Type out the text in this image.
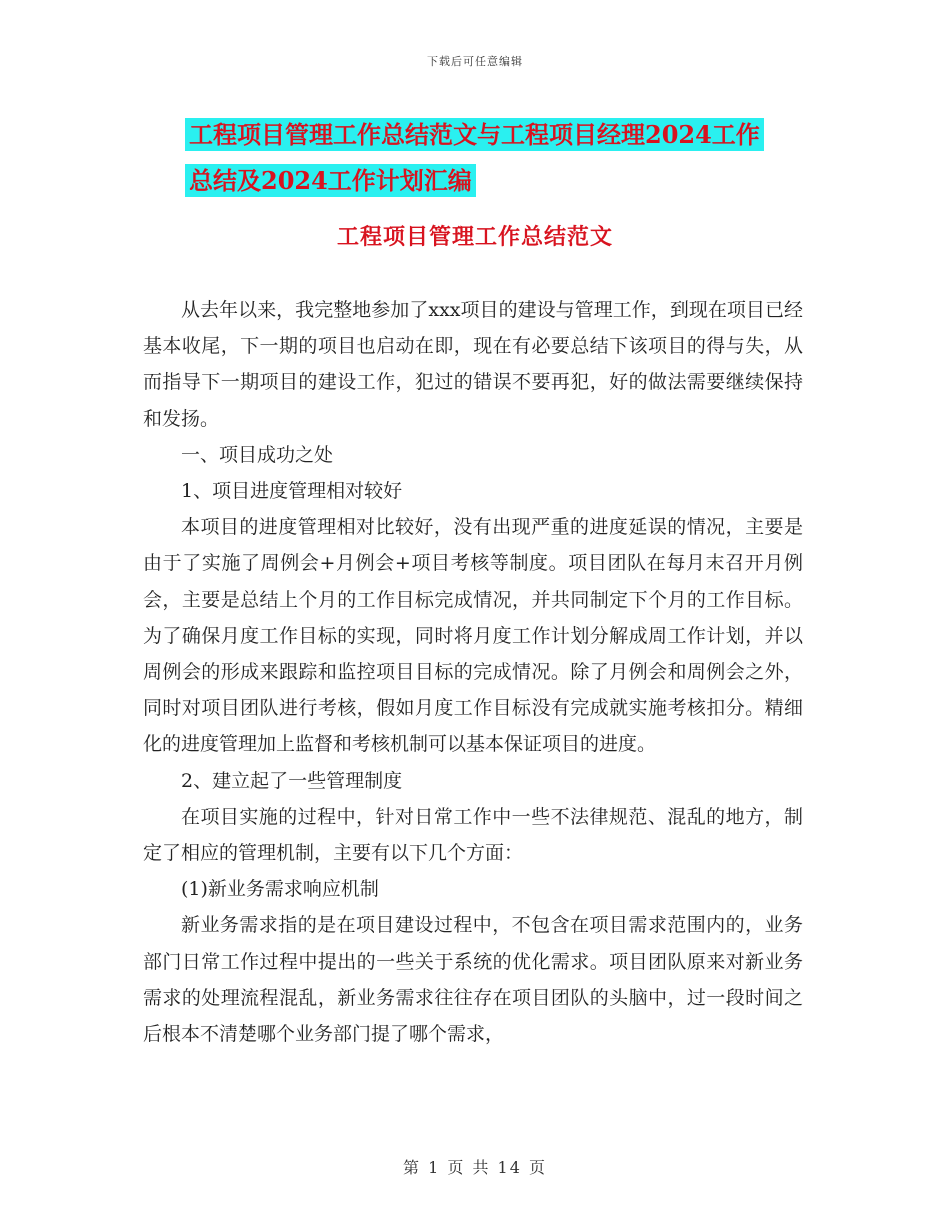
下载后可任意编辑
工程项目管理工作总结范文与工程项目经理2024工作
总结及2024工作计划汇编
工程项目管理工作总结范文

从去年以来，我完整地参加了xxx项目的建设与管理工作，到现在项目已经基本收尾，下一期的项目也启动在即，现在有必要总结下该项目的得与失，从而指导下一期项目的建设工作，犯过的错误不要再犯，好的做法需要继续保持和发扬。

一、项目成功之处

1、项目进度管理相对较好

本项目的进度管理相对比较好，没有出现严重的进度延误的情况，主要是由于了实施了周例会+月例会+项目考核等制度。项目团队在每月末召开月例会，主要是总结上个月的工作目标完成情况，并共同制定下个月的工作目标。为了确保月度工作目标的实现，同时将月度工作计划分解成周工作计划，并以周例会的形成来跟踪和监控项目目标的完成情况。除了月例会和周例会之外，同时对项目团队进行考核，假如月度工作目标没有完成就实施考核扣分。精细化的进度管理加上监督和考核机制可以基本保证项目的进度。

2、建立起了一些管理制度

在项目实施的过程中，针对日常工作中一些不法律规范、混乱的地方，制定了相应的管理机制，主要有以下几个方面：

(1)新业务需求响应机制

新业务需求指的是在项目建设过程中，不包含在项目需求范围内的，业务部门日常工作过程中提出的一些关于系统的优化需求。项目团队原来对新业务需求的处理流程混乱，新业务需求往往存在项目团队的头脑中，过一段时间之后根本不清楚哪个业务部门提了哪个需求，

第 1 页 共 14 页
